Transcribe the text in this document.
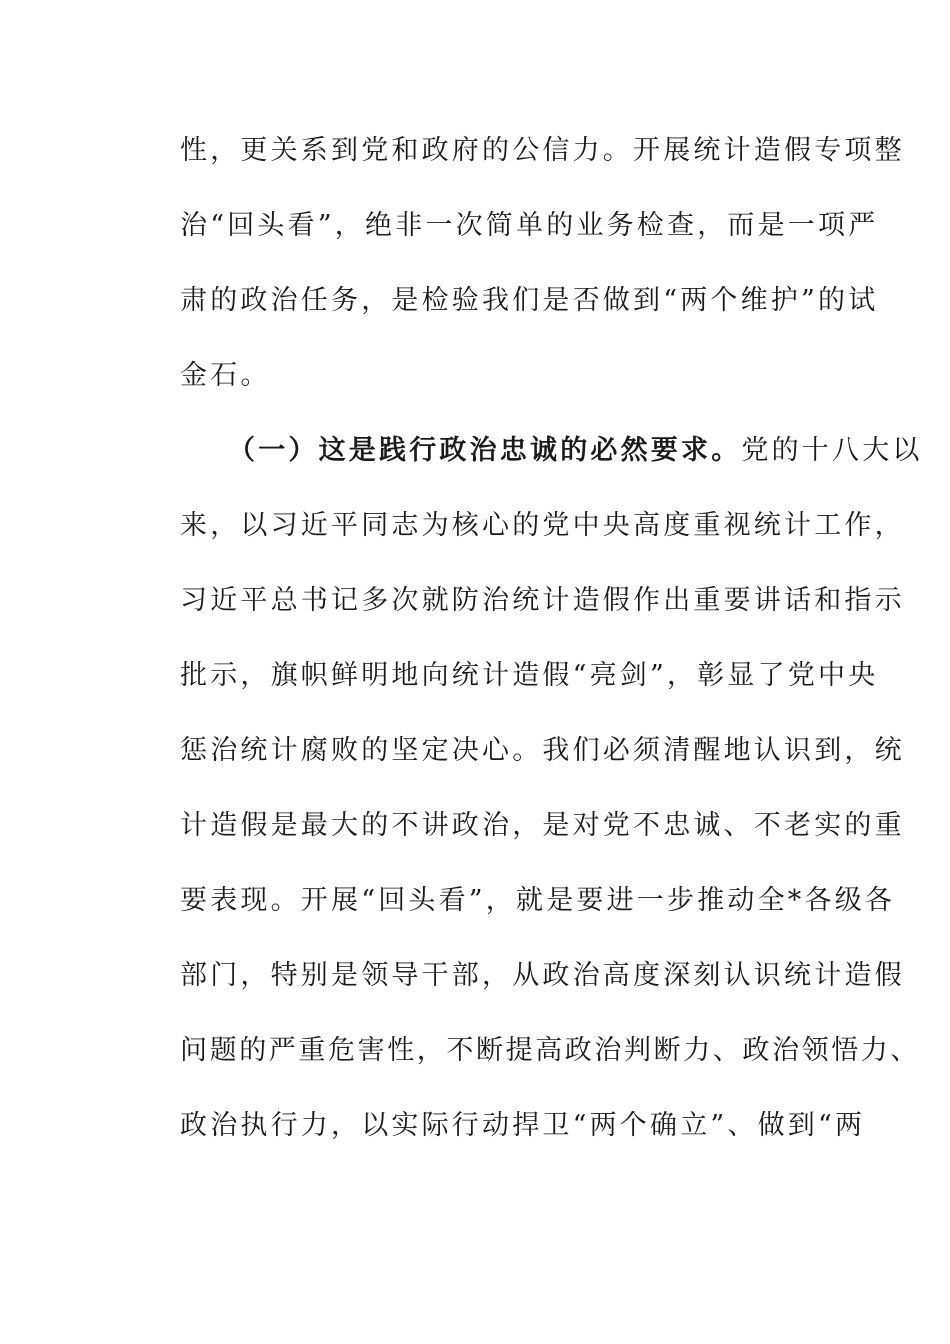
性，更关系到党和政府的公信力。开展统计造假专项整

治“回头看”，绝非一次简单的业务检查，而是一项严

肃的政治任务，是检验我们是否做到“两个维护”的试

金石。

（一）这是践行政治忠诚的必然要求。党的十八大以

来，以习近平同志为核心的党中央高度重视统计工作，

习近平总书记多次就防治统计造假作出重要讲话和指示

批示，旗帜鲜明地向统计造假“亮剑”，彰显了党中央

惩治统计腐败的坚定决心。我们必须清醒地认识到，统

计造假是最大的不讲政治，是对党不忠诚、不老实的重

要表现。开展“回头看”，就是要进一步推动全*各级各

部门，特别是领导干部，从政治高度深刻认识统计造假

问题的严重危害性，不断提高政治判断力、政治领悟力、

政治执行力，以实际行动捍卫“两个确立”、做到“两
